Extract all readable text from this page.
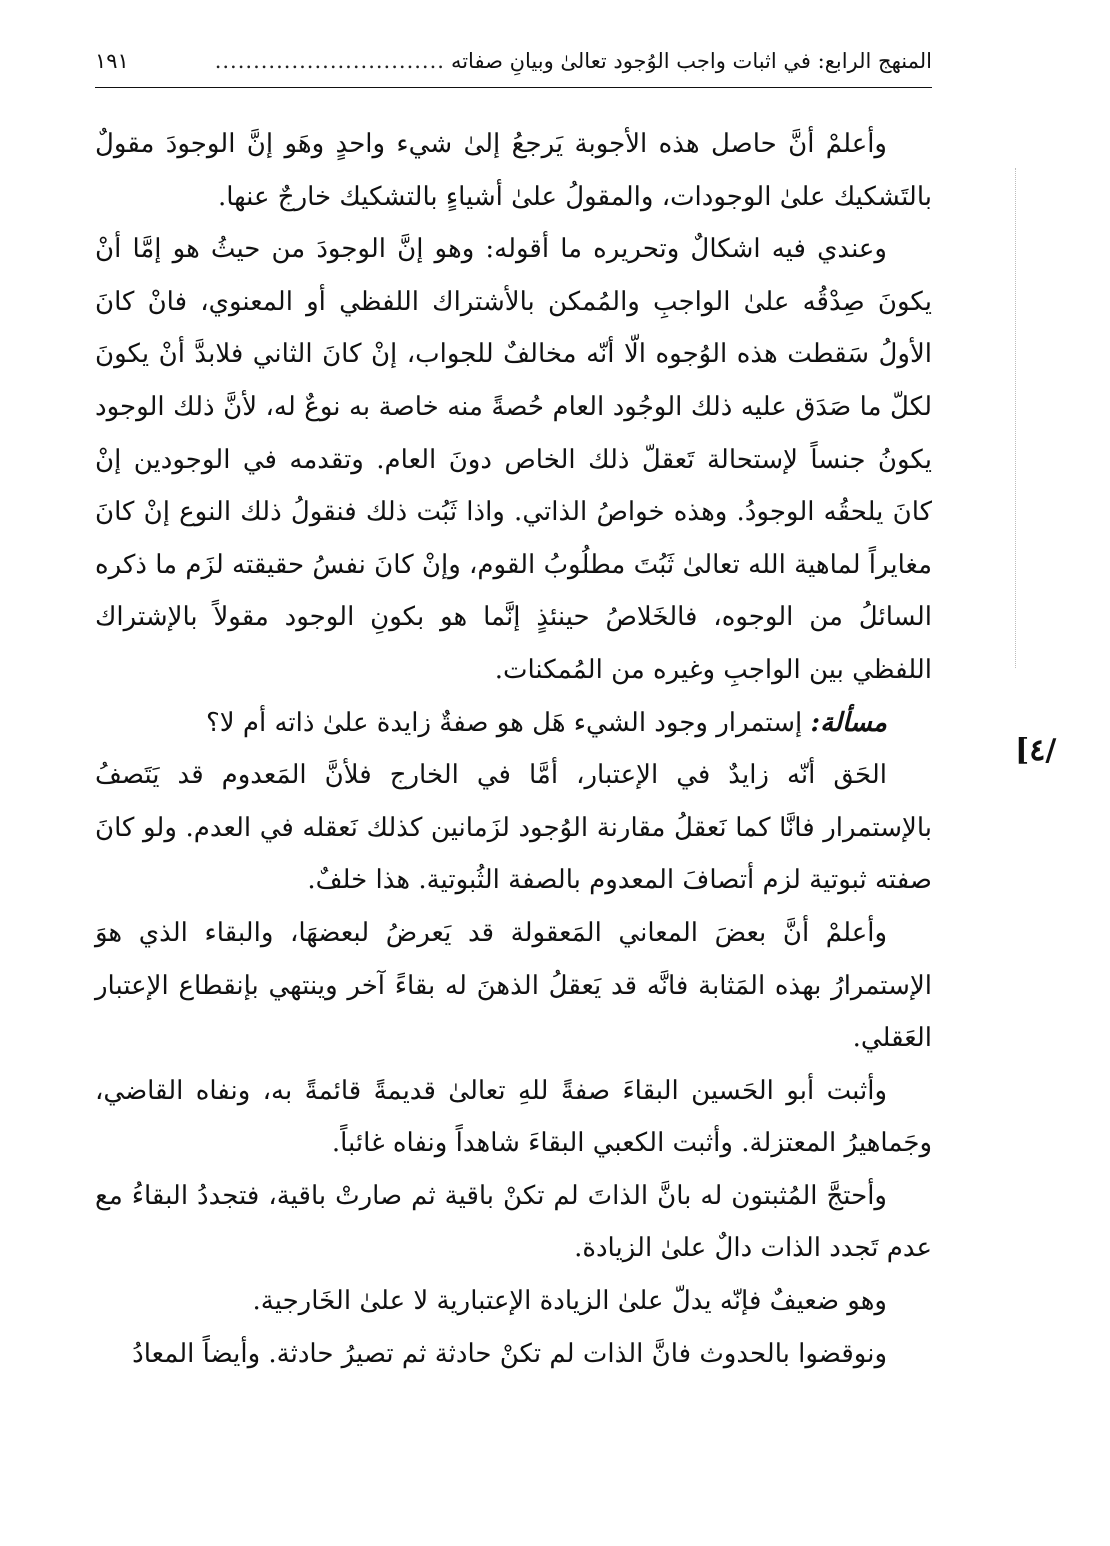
المنهج الرابع: في اثبات واجب الوُجود تعالىٰ وبيانِ صفاته
..............................
١٩١
[٤/

وأعلمْ أنَّ حاصل هذه الأجوبة يَرجعُ إلىٰ شيء واحدٍ وهَو إنَّ الوجودَ مقولٌ بالتَشكيك علىٰ الوجودات، والمقولُ علىٰ أشياءٍ بالتشكيك خارجٌ عنها.

وعندي فيه اشكالٌ وتحريره ما أقوله: وهو إنَّ الوجودَ من حيثُ هو إمَّا أنْ يكونَ صِدْقُه علىٰ الواجبِ والمُمكن بالأشتراك اللفظي أو المعنوي، فانْ كانَ الأولُ سَقطت هذه الوُجوه الّا أنّه مخالفٌ للجواب، إنْ كانَ الثاني فلابدَّ أنْ يكونَ لكلّ ما صَدَق عليه ذلك الوجُود العام حُصةً منه خاصة به نوعٌ له، لأنَّ ذلك الوجود يكونُ جنساً لإستحالة تَعقلّ ذلك الخاص دونَ العام. وتقدمه في الوجودين إنْ كانَ يلحقُه الوجودُ. وهذه خواصُ الذاتي. واذا ثَبُت ذلك فنقولُ ذلك النوع إنْ كانَ مغايراً لماهية الله تعالىٰ ثَبُتَ مطلُوبُ القوم، وإنْ كانَ نفسُ حقيقته لزَم ما ذكره السائلُ من الوجوه، فالخَلاصُ حينئذٍ إنَّما هو بكونِ الوجود مقولاً بالإشتراك اللفظي بين الواجبِ وغيره من المُمكنات.

مسألة: إستمرار وجود الشيء هَل هو صفةٌ زايدة علىٰ ذاته أم لا؟

الحَق أنّه زايدٌ في الإعتبار، أمَّا في الخارج فلأنَّ المَعدوم قد يَتَصفُ بالإستمرار فانَّا كما نَعقلُ مقارنة الوُجود لزَمانين كذلك نَعقله في العدم. ولو كانَ صفته ثبوتية لزم أتصافَ المعدوم بالصفة الثُبوتية. هذا خلفٌ.

وأعلمْ أنَّ بعضَ المعاني المَعقولة قد يَعرضُ لبعضهَا، والبقاء الذي هوَ الإستمرارُ بهذه المَثابة فانَّه قد يَعقلُ الذهنَ له بقاءً آخر وينتهي بإنقطاع الإعتبار العَقلي.

وأثبت أبو الحَسين البقاءَ صفةً للهِ تعالىٰ قديمةً قائمةً به، ونفاه القاضي، وجَماهيرُ المعتزلة. وأثبت الكعبي البقاءَ شاهداً ونفاه غائباً.

وأحتجَّ المُثبتون له بانَّ الذاتَ لم تكنْ باقية ثم صارتْ باقية، فتجددُ البقاءُ مع عدم تَجدد الذات دالٌ علىٰ الزيادة.

وهو ضعيفٌ فإنّه يدلّ علىٰ الزيادة الإعتبارية لا علىٰ الخَارجية.

ونوقضوا بالحدوث فانَّ الذات لم تكنْ حادثة ثم تصيرُ حادثة. وأيضاً المعادُ
